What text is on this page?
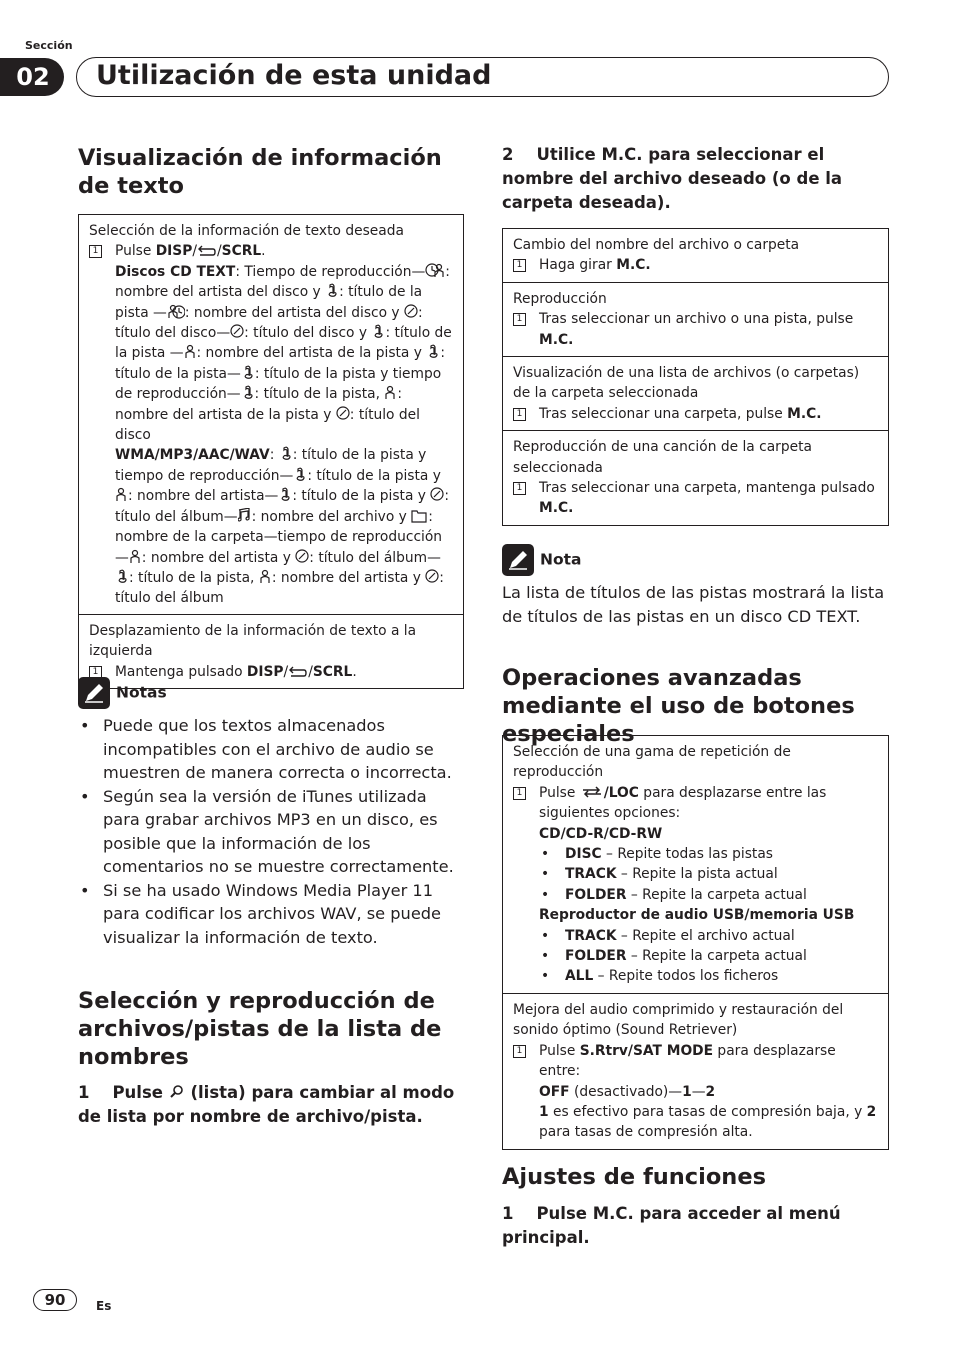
Sección
02	Utilización de esta unidad
Visualización de información de texto
Selección de la información de texto deseada
1 Pulse DISP/ /SCRL.
Discos CD TEXT: Tiempo de reproducción— : nombre del artista del disco y : título de la pista — : nombre del artista del disco y : título del disco— : título del disco y : título de la pista — : nombre del artista de la pista y : título de la pista— : título de la pista y tiempo de reproducción— : título de la pista, : nombre del artista de la pista y : título del disco
WMA/MP3/AAC/WAV: : título de la pista y tiempo de reproducción— : título de la pista y : nombre del artista— : título de la pista y : título del álbum— : nombre del archivo y : nombre de la carpeta—tiempo de reproducción — : nombre del artista y : título del álbum—: título de la pista, : nombre del artista y : título del álbum
Desplazamiento de la información de texto a la izquierda
1 Mantenga pulsado DISP/ /SCRL.
Notas
• Puede que los textos almacenados incompatibles con el archivo de audio se muestren de manera correcta o incorrecta.
• Según sea la versión de iTunes utilizada para grabar archivos MP3 en un disco, es posible que la información de los comentarios no se muestre correctamente.
• Si se ha usado Windows Media Player 11 para codificar los archivos WAV, se puede visualizar la información de texto.
Selección y reproducción de archivos/pistas de la lista de nombres
1 Pulse  (lista) para cambiar al modo de lista por nombre de archivo/pista.
2 Utilice M.C. para seleccionar el nombre del archivo deseado (o de la carpeta deseada).
Cambio del nombre del archivo o carpeta
1 Haga girar M.C.
Reproducción
1 Tras seleccionar un archivo o una pista, pulse M.C.
Visualización de una lista de archivos (o carpetas) de la carpeta seleccionada
1 Tras seleccionar una carpeta, pulse M.C.
Reproducción de una canción de la carpeta seleccionada
1 Tras seleccionar una carpeta, mantenga pulsado M.C.
Nota
La lista de títulos de las pistas mostrará la lista de títulos de las pistas en un disco CD TEXT.
Operaciones avanzadas mediante el uso de botones especiales
Selección de una gama de repetición de reproducción
1 Pulse /LOC para desplazarse entre las siguientes opciones:
CD/CD-R/CD-RW
• DISC – Repite todas las pistas
• TRACK – Repite la pista actual
• FOLDER – Repite la carpeta actual
Reproductor de audio USB/memoria USB
• TRACK – Repite el archivo actual
• FOLDER – Repite la carpeta actual
• ALL – Repite todos los ficheros
Mejora del audio comprimido y restauración del sonido óptimo (Sound Retriever)
1 Pulse S.Rtrv/SAT MODE para desplazarse entre:
OFF (desactivado)—1—2
1 es efectivo para tasas de compresión baja, y 2 para tasas de compresión alta.
Ajustes de funciones
1 Pulse M.C. para acceder al menú principal.
90	Es
